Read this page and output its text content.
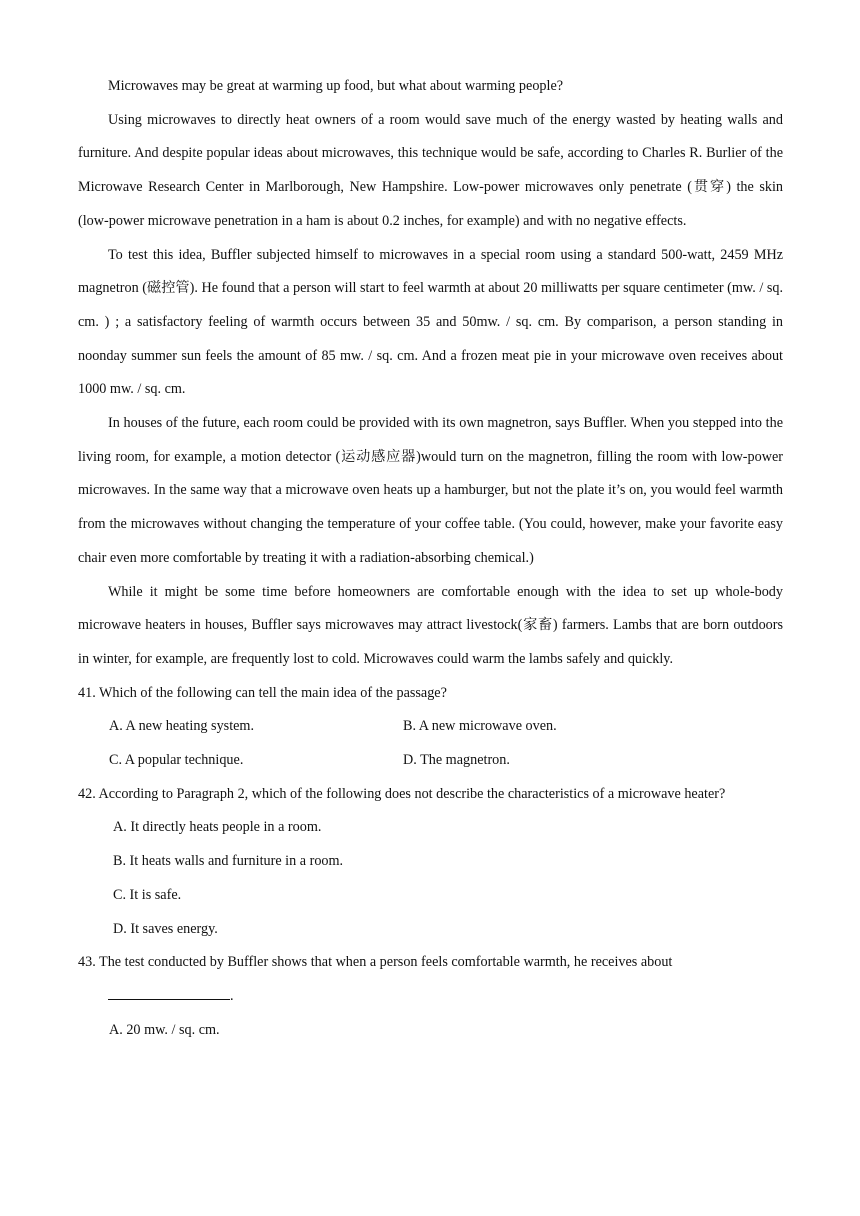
Microwaves may be great at warming up food, but what about warming people?

Using microwaves to directly heat owners of a room would save much of the energy wasted by heating walls and furniture. And despite popular ideas about microwaves, this technique would be safe, according to Charles R. Burlier of the Microwave Research Center in Marlborough, New Hampshire. Low-power microwaves only penetrate (贯穿) the skin (low-power microwave penetration in a ham is about 0.2 inches, for example) and with no negative effects.

To test this idea, Buffler subjected himself to microwaves in a special room using a standard 500-watt, 2459 MHz magnetron (磁控管). He found that a person will start to feel warmth at about 20 milliwatts per square centimeter (mw. / sq. cm. ) ; a satisfactory feeling of warmth occurs between 35 and 50mw. / sq. cm. By comparison, a person standing in noonday summer sun feels the amount of 85 mw. / sq. cm. And a frozen meat pie in your microwave oven receives about 1000 mw. / sq. cm.

In houses of the future, each room could be provided with its own magnetron, says Buffler. When you stepped into the living room, for example, a motion detector (运动感应器)would turn on the magnetron, filling the room with low-power microwaves. In the same way that a microwave oven heats up a hamburger, but not the plate it’s on, you would feel warmth from the microwaves without changing the temperature of your coffee table. (You could, however, make your favorite easy chair even more comfortable by treating it with a radiation-absorbing chemical.)

While it might be some time before homeowners are comfortable enough with the idea to set up whole-body microwave heaters in houses, Buffler says microwaves may attract livestock(家畜) farmers. Lambs that are born outdoors in winter, for example, are frequently lost to cold. Microwaves could warm the lambs safely and quickly.

41. Which of the following can tell the main idea of the passage?

A. A new heating system.	B. A new microwave oven.
C. A popular technique.	D. The magnetron.

42. According to Paragraph 2, which of the following does not describe the characteristics of a microwave heater?

A. It directly heats people in a room.
B. It heats walls and furniture in a room.
C. It is safe.
D. It saves energy.

43. The test conducted by Buffler shows that when a person feels comfortable warmth, he receives about

.
A. 20 mw. / sq. cm.
